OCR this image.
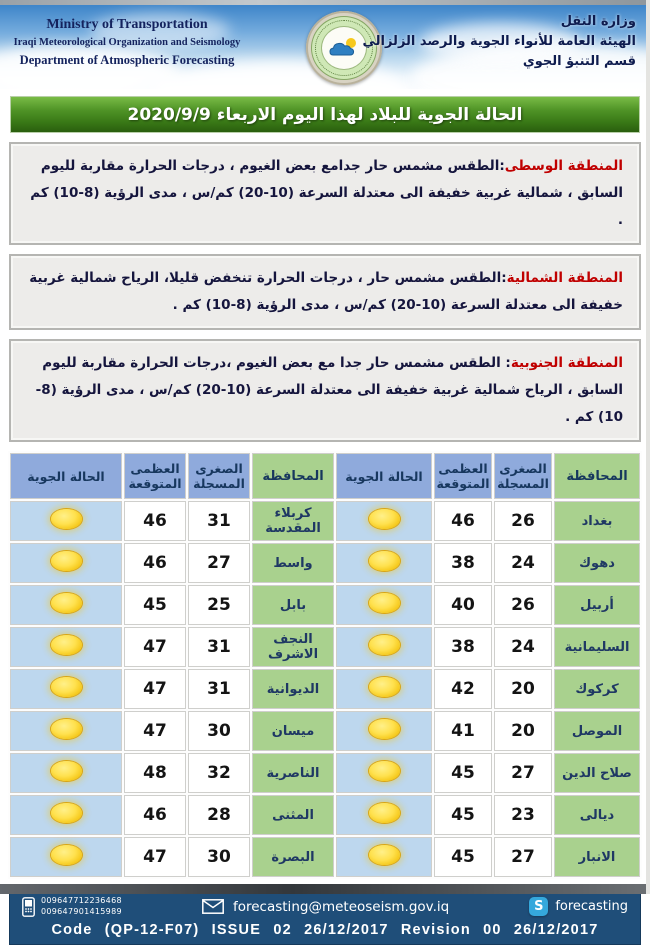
Ministry of Transportation
Iraqi Meteorological Organization and Seismology
Department of Atmospheric Forecasting
وزارة النقل
الهيئة العامة للأنواء الجوية والرصد الزلزالي
قسم التنبؤ الجوي
الحالة الجوية للبلاد لهذا اليوم الاربعاء 2020/9/9
المنطقة الوسطى:الطقس مشمس حار جدامع بعض الغيوم ، درجات الحرارة مقاربة لليوم السابق ، شمالية غربية خفيفة الى معتدلة السرعة (10-20) كم/س ، مدى الرؤية (8-10) كم .
المنطقة الشمالية:الطقس مشمس حار ، درجات الحرارة تنخفض قليلا، الرياح شمالية غربية خفيفة الى معتدلة السرعة (10-20) كم/س ، مدى الرؤية (8-10) كم .
المنطقة الجنوبية: الطقس مشمس حار جدا مع بعض الغيوم ،درجات الحرارة مقاربة لليوم السابق ، الرياح شمالية غربية خفيفة الى معتدلة السرعة (10-20) كم/س ، مدى الرؤية (8-10) كم .
الحالة الجوية	العظمى المتوقعة	الصغرى المسجلة	المحافظة	الحالة الجوية	العظمى المتوقعة	الصغرى المسجلة	المحافظة
	46	31	كربلاء المقدسة		46	26	بغداد
	46	27	واسط		38	24	دهوك
	45	25	بابل		40	26	أربيل
	47	31	النجف الاشرف		38	24	السليمانية
	47	31	الديوانية		42	20	كركوك
	47	30	ميسان		41	20	الموصل
	48	32	الناصرية		45	27	صلاح الدين
	46	28	المثنى		45	23	ديالى
	47	30	البصرة		45	27	الانبار
009647712236468
009647901415989	forecasting@meteoseism.gov.iq	S forecasting
Code (QP-12-F07) ISSUE 02 26/12/2017 Revision 00 26/12/2017
